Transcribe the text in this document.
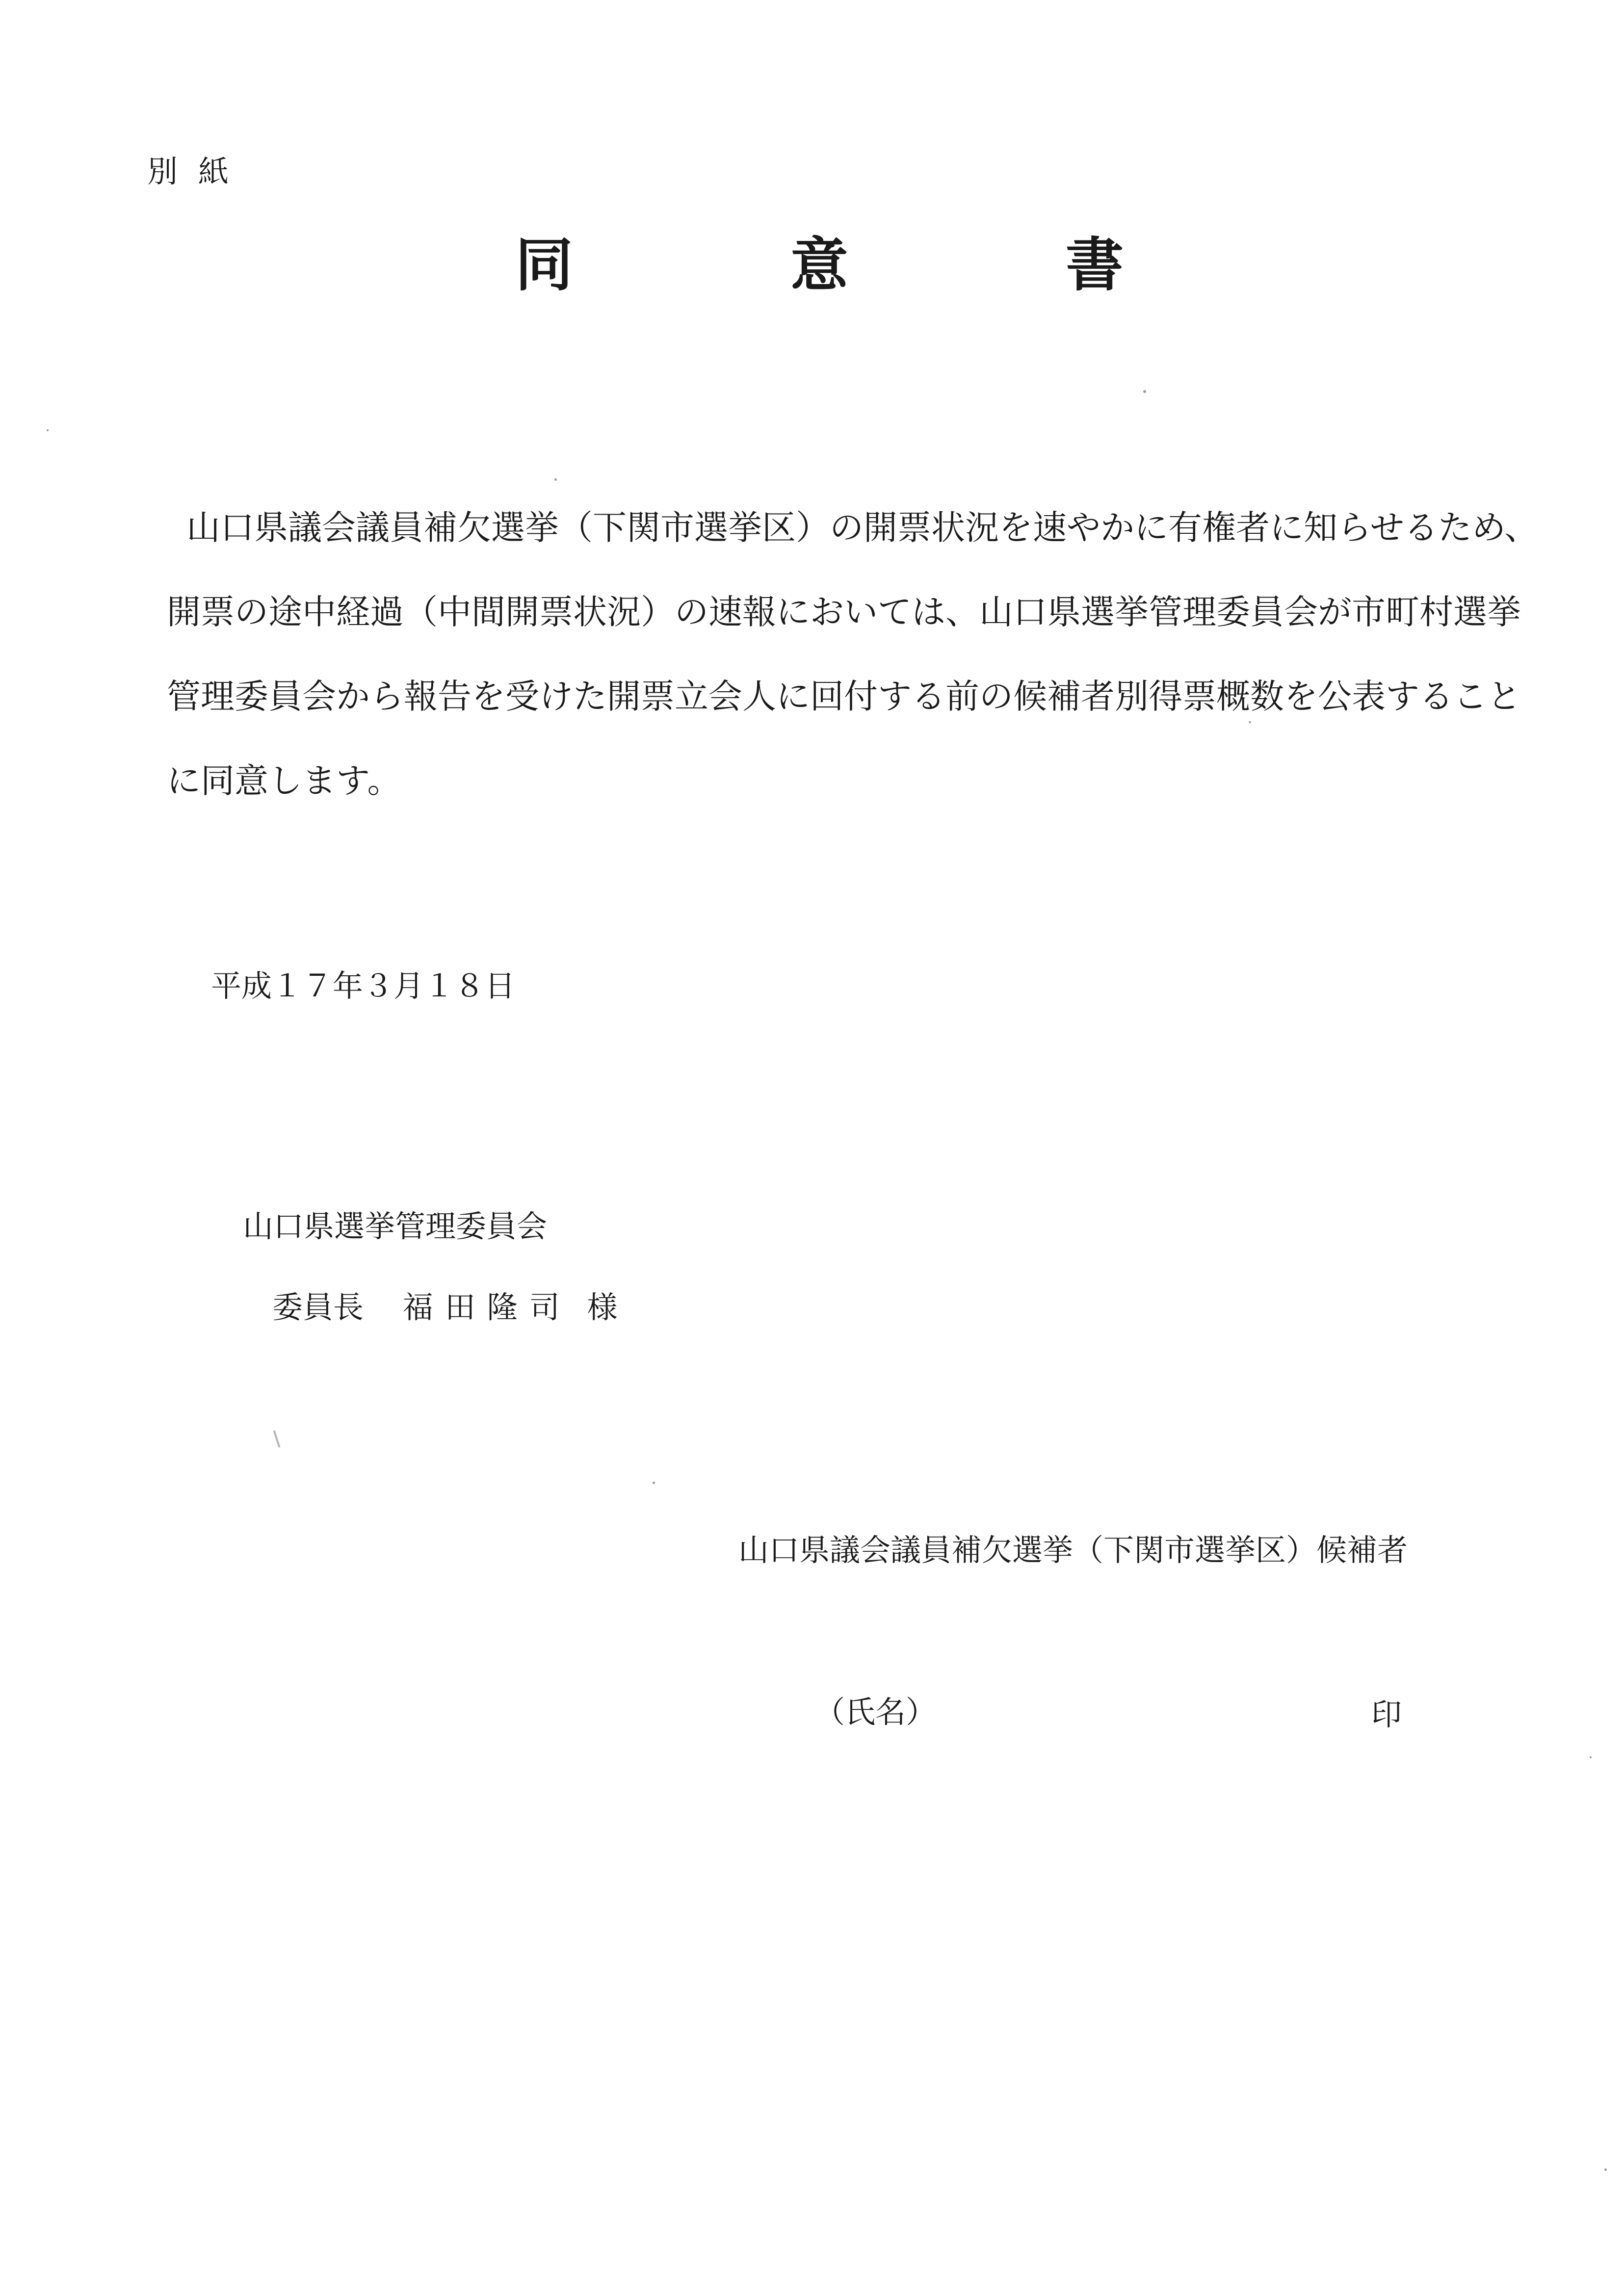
別紙
同	意	書
山口県議会議員補欠選挙（下関市選挙区）の開票状況を速やかに有権者に知らせるため、
開票の途中経過（中間開票状況）の速報においては、山口県選挙管理委員会が市町村選挙
管理委員会から報告を受けた開票立会人に回付する前の候補者別得票概数を公表すること
に同意します。
平成１７年３月１８日
山口県選挙管理委員会
委員長 福田隆司 様
山口県議会議員補欠選挙（下関市選挙区）候補者
（氏名）	印
